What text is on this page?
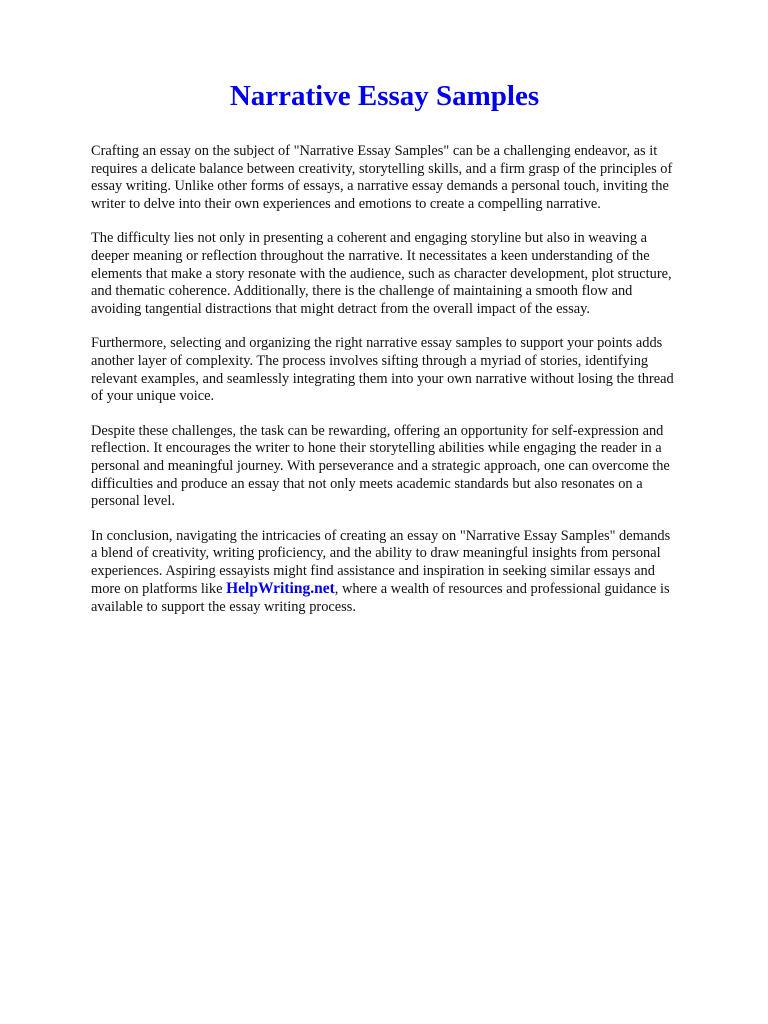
Narrative Essay Samples

Crafting an essay on the subject of "Narrative Essay Samples" can be a challenging endeavor, as it requires a delicate balance between creativity, storytelling skills, and a firm grasp of the principles of essay writing. Unlike other forms of essays, a narrative essay demands a personal touch, inviting the writer to delve into their own experiences and emotions to create a compelling narrative.

The difficulty lies not only in presenting a coherent and engaging storyline but also in weaving a deeper meaning or reflection throughout the narrative. It necessitates a keen understanding of the elements that make a story resonate with the audience, such as character development, plot structure, and thematic coherence. Additionally, there is the challenge of maintaining a smooth flow and avoiding tangential distractions that might detract from the overall impact of the essay.

Furthermore, selecting and organizing the right narrative essay samples to support your points adds another layer of complexity. The process involves sifting through a myriad of stories, identifying relevant examples, and seamlessly integrating them into your own narrative without losing the thread of your unique voice.

Despite these challenges, the task can be rewarding, offering an opportunity for self-expression and reflection. It encourages the writer to hone their storytelling abilities while engaging the reader in a personal and meaningful journey. With perseverance and a strategic approach, one can overcome the difficulties and produce an essay that not only meets academic standards but also resonates on a personal level.

In conclusion, navigating the intricacies of creating an essay on "Narrative Essay Samples" demands a blend of creativity, writing proficiency, and the ability to draw meaningful insights from personal experiences. Aspiring essayists might find assistance and inspiration in seeking similar essays and more on platforms like HelpWriting.net, where a wealth of resources and professional guidance is available to support the essay writing process.
